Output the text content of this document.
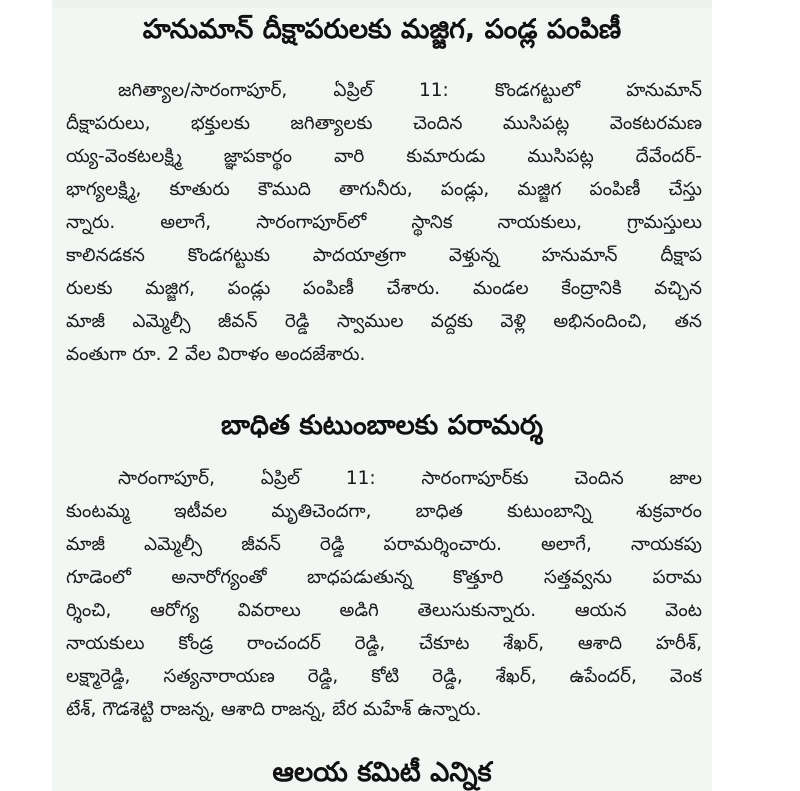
హనుమాన్ దీక్షాపరులకు మజ్జిగ, పండ్ల పంపిణీ
జగిత్యాల/సారంగాపూర్, ఏప్రిల్ 11: కొండగట్టులో హనుమాన్
దీక్షాపరులు, భక్తులకు జగిత్యాలకు చెందిన ముసిపట్ల వెంకటరమణ
య్య-వెంకటలక్ష్మి జ్ఞాపకార్థం వారి కుమారుడు ముసిపట్ల దేవేందర్-
భాగ్యలక్ష్మి, కూతురు కౌముది తాగునీరు, పండ్లు, మజ్జిగ పంపిణీ చేస్తు
న్నారు. అలాగే, సారంగాపూర్‌లో స్థానిక నాయకులు, గ్రామస్తులు
కాలినడకన కొండగట్టుకు పాదయాత్రగా వెళ్తున్న హనుమాన్ దీక్షాప
రులకు మజ్జిగ, పండ్లు పంపిణీ చేశారు. మండల కేంద్రానికి వచ్చిన
మాజీ ఎమ్మెల్సీ జీవన్ రెడ్డి స్వాముల వద్దకు వెళ్లి అభినందించి, తన
వంతుగా రూ. 2 వేల విరాళం అందజేశారు.
బాధిత కుటుంబాలకు పరామర్శ
సారంగాపూర్, ఏప్రిల్ 11: సారంగాపూర్‌కు చెందిన జాల
కుంటమ్మ ఇటీవల మృతిచెందగా, బాధిత కుటుంబాన్ని శుక్రవారం
మాజీ ఎమ్మెల్సీ జీవన్ రెడ్డి పరామర్శించారు. అలాగే, నాయకపు
గూడెంలో అనారోగ్యంతో బాధపడుతున్న కొత్తూరి సత్తవ్వను పరామ
ర్శించి, ఆరోగ్య వివరాలు అడిగి తెలుసుకున్నారు. ఆయన వెంట
నాయకులు కోండ్ర రాంచందర్ రెడ్డి, చేకూట శేఖర్, ఆశాది హరీశ్,
లక్ష్మారెడ్డి, సత్యనారాయణ రెడ్డి, కోటి రెడ్డి, శేఖర్, ఉపేందర్, వెంక
టేశ్, గౌడశెట్టి రాజన్న, ఆశాది రాజన్న, బేర మహేశ్ ఉన్నారు.
ఆలయ కమిటీ ఎన్నిక
